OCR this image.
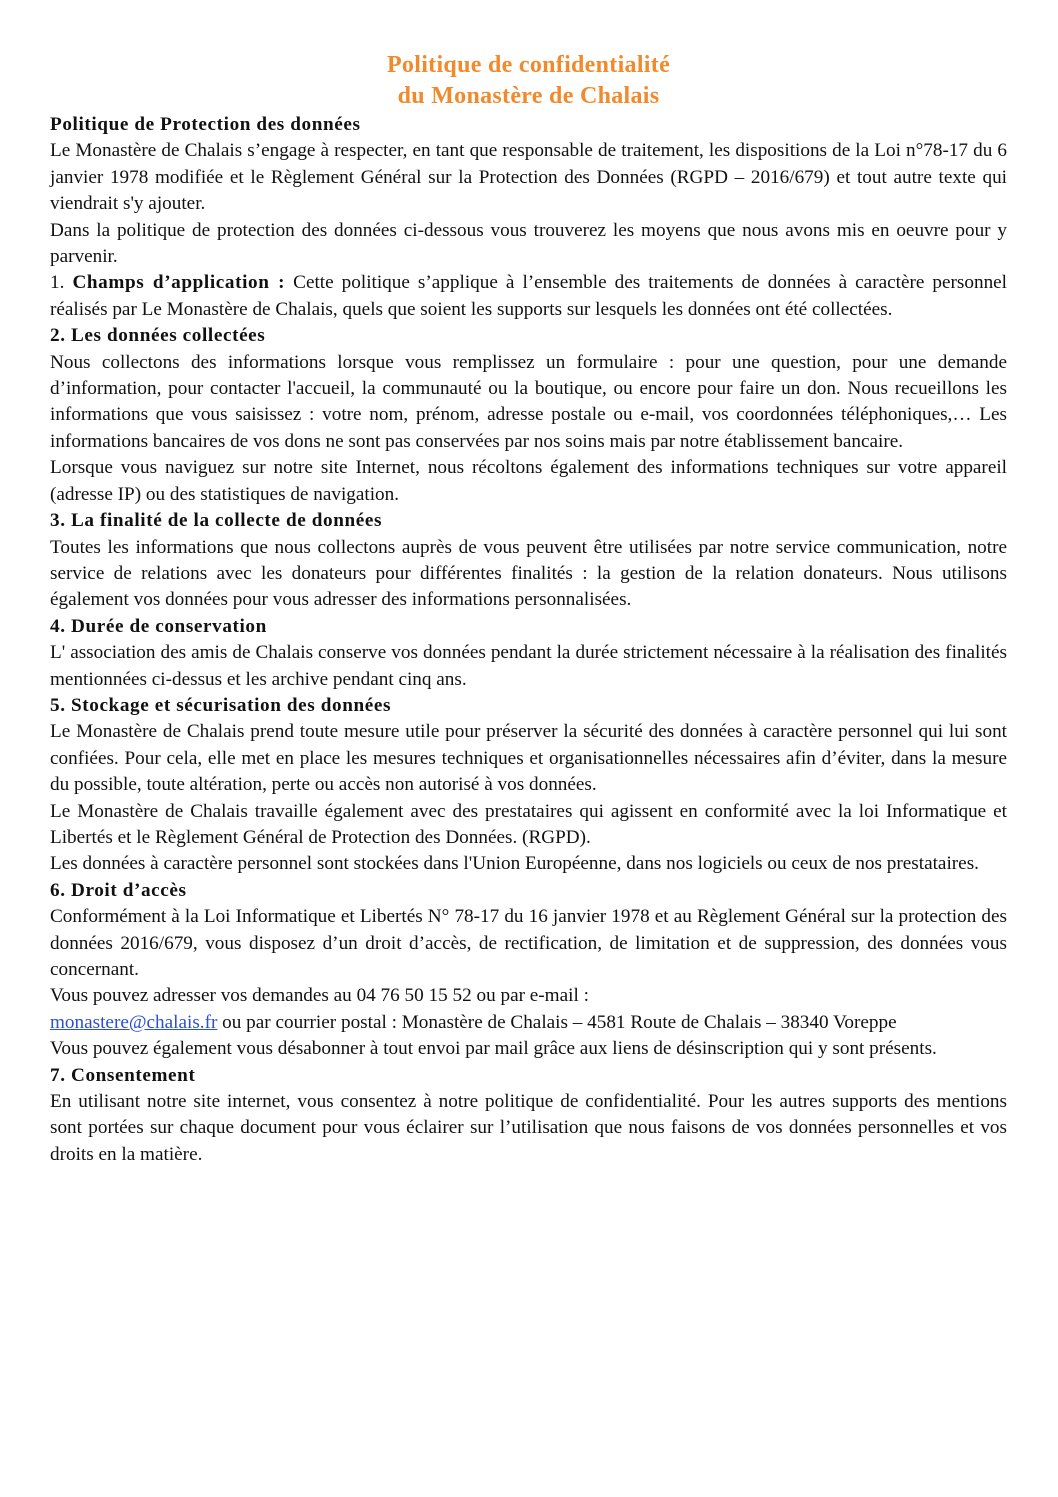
Politique de confidentialité
du Monastère de Chalais
Politique de Protection des données

Le Monastère de Chalais s’engage à respecter, en tant que responsable de traitement, les dispositions de la Loi n°78-17 du 6 janvier 1978 modifiée et le Règlement Général sur la Protection des Données (RGPD – 2016/679) et tout autre texte qui viendrait s'y ajouter.

Dans la politique de protection des données ci-dessous vous trouverez les moyens que nous avons mis en oeuvre pour y parvenir.

1. Champs d’application : Cette politique s’applique à l’ensemble des traitements de données à caractère personnel réalisés par Le Monastère de Chalais, quels que soient les supports sur lesquels les données ont été collectées.

2. Les données collectées

Nous collectons des informations lorsque vous remplissez un formulaire : pour une question, pour une demande d’information, pour contacter l'accueil, la communauté ou la boutique, ou encore pour faire un don. Nous recueillons les informations que vous saisissez : votre nom, prénom, adresse postale ou e-mail, vos coordonnées téléphoniques,… Les informations bancaires de vos dons ne sont pas conservées par nos soins mais par notre établissement bancaire.

Lorsque vous naviguez sur notre site Internet, nous récoltons également des informations techniques sur votre appareil (adresse IP) ou des statistiques de navigation.

3. La finalité de la collecte de données

Toutes les informations que nous collectons auprès de vous peuvent être utilisées par notre service communication, notre service de relations avec les donateurs pour différentes finalités : la gestion de la relation donateurs. Nous utilisons également vos données pour vous adresser des informations personnalisées.

4. Durée de conservation

L' association des amis de Chalais conserve vos données pendant la durée strictement nécessaire à la réalisation des finalités mentionnées ci-dessus et les archive pendant cinq ans.

5. Stockage et sécurisation des données

Le Monastère de Chalais prend toute mesure utile pour préserver la sécurité des données à caractère personnel qui lui sont confiées. Pour cela, elle met en place les mesures techniques et organisationnelles nécessaires afin d’éviter, dans la mesure du possible, toute altération, perte ou accès non autorisé à vos données.

Le Monastère de Chalais travaille également avec des prestataires qui agissent en conformité avec la loi Informatique et Libertés et le Règlement Général de Protection des Données. (RGPD).

Les données à caractère personnel sont stockées dans l'Union Européenne, dans nos logiciels ou ceux de nos prestataires.

6. Droit d’accès

Conformément à la Loi Informatique et Libertés N° 78-17 du 16 janvier 1978 et au Règlement Général sur la protection des données 2016/679, vous disposez d’un droit d’accès, de rectification, de limitation et de suppression, des données vous concernant.

Vous pouvez adresser vos demandes au 04 76 50 15 52 ou par e-mail :

monastere@chalais.fr ou par courrier postal : Monastère de Chalais – 4581 Route de Chalais – 38340 Voreppe

Vous pouvez également vous désabonner à tout envoi par mail grâce aux liens de désinscription qui y sont présents.

7. Consentement

En utilisant notre site internet, vous consentez à notre politique de confidentialité. Pour les autres supports des mentions sont portées sur chaque document pour vous éclairer sur l’utilisation que nous faisons de vos données personnelles et vos droits en la matière.
